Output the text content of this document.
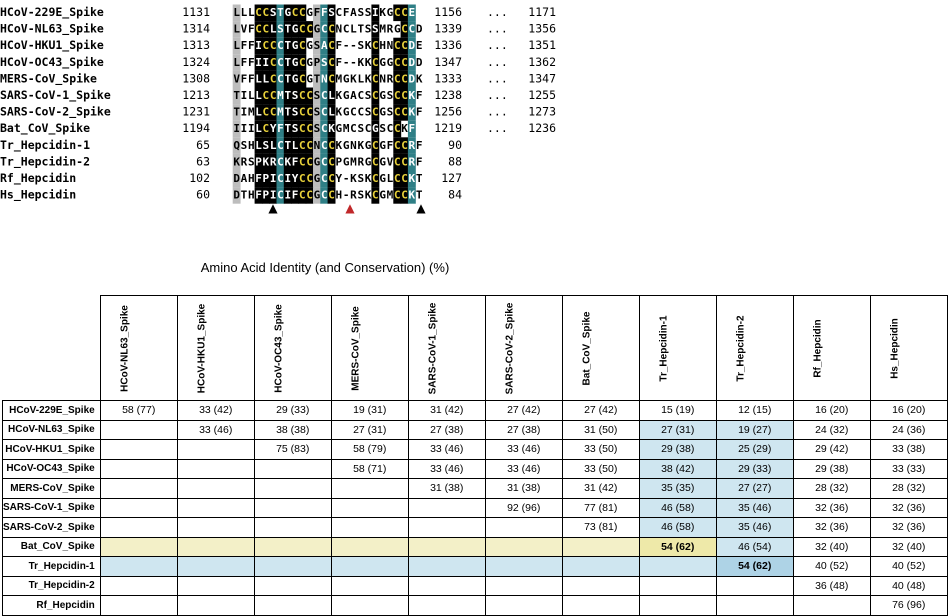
HCoV-229E_Spike	1131 L L L C C S T G C C G F F S C F A S S I K G C C E 1156 ... 1171
HCoV-NL63_Spike	1314 L V F C C L S T G C C G C C N C L T S S M R G C C D 1339 ... 1356
HCoV-HKU1_Spike	1313 L F F I C C C T G C G S A C F - - S K C H N C C D E 1336 ... 1351
HCoV-OC43_Spike	1324 L F F I I C C T G C G P S C F - - K K C G G C C D D 1347 ... 1362
MERS-CoV_Spike	1308 V F F L L C C T G C G T N C M G K L K C N R C C D K 1333 ... 1347
SARS-CoV-1_Spike	1213 T I L L C C M T S C C S C L K G A C S C G S C C K F 1238 ... 1255
SARS-CoV-2_Spike	1231 T I M L C C M T S C C S C L K G C C S C G S C C K F 1256 ... 1273
Bat_CoV_Spike	1194 I I I L C Y F T S C C S C K G M C S C G S C C K F 1219 ... 1236
Tr_Hepcidin-1	65 Q S H L S L C T L C C N C C K G N K G C G F C C R F 90
Tr_Hepcidin-2	63 K R S P K R C K F C C G C C P G M R G C G V C C R F 88
Rf_Hepcidin	102 D A H F P I C I Y C C G C C Y - K S K C G L C C K T 127
Hs_Hepcidin	60 D T H F P I C I F C C G C C H - R S K C G M C C K T 84
▲	▲	▲
Amino Acid Identity (and Conservation) (%)

	HCoV-NL63_Spike	HCoV-HKU1_Spike	HCoV-OC43_Spike	MERS-CoV_Spike	SARS-CoV-1_Spike	SARS-CoV-2_Spike	Bat_CoV_Spike	Tr_Hepcidin-1	Tr_Hepcidin-2	Rf_Hepcidin	Hs_Hepcidin

HCoV-229E_Spike	58 (77)	33 (42)	29 (33)	19 (31)	31 (42)	27 (42)	27 (42)	15 (19)	12 (15)	16 (20)	16 (20)
HCoV-NL63_Spike		33 (46)	38 (38)	27 (31)	27 (38)	27 (38)	31 (50)	27 (31)	19 (27)	24 (32)	24 (36)
HCoV-HKU1_Spike			75 (83)	58 (79)	33 (46)	33 (46)	33 (50)	29 (38)	25 (29)	29 (42)	33 (38)
HCoV-OC43_Spike				58 (71)	33 (46)	33 (46)	33 (50)	38 (42)	29 (33)	29 (38)	33 (33)
MERS-CoV_Spike					31 (38)	31 (38)	31 (42)	35 (35)	27 (27)	28 (32)	28 (32)
SARS-CoV-1_Spike						92 (96)	77 (81)	46 (58)	35 (46)	32 (36)	32 (36)
SARS-CoV-2_Spike							73 (81)	46 (58)	35 (46)	32 (36)	32 (36)
Bat_CoV_Spike								54 (62)	46 (54)	32 (40)	32 (40)
Tr_Hepcidin-1									54 (62)	40 (52)	40 (52)
Tr_Hepcidin-2										36 (48)	40 (48)
Rf_Hepcidin											76 (96)
